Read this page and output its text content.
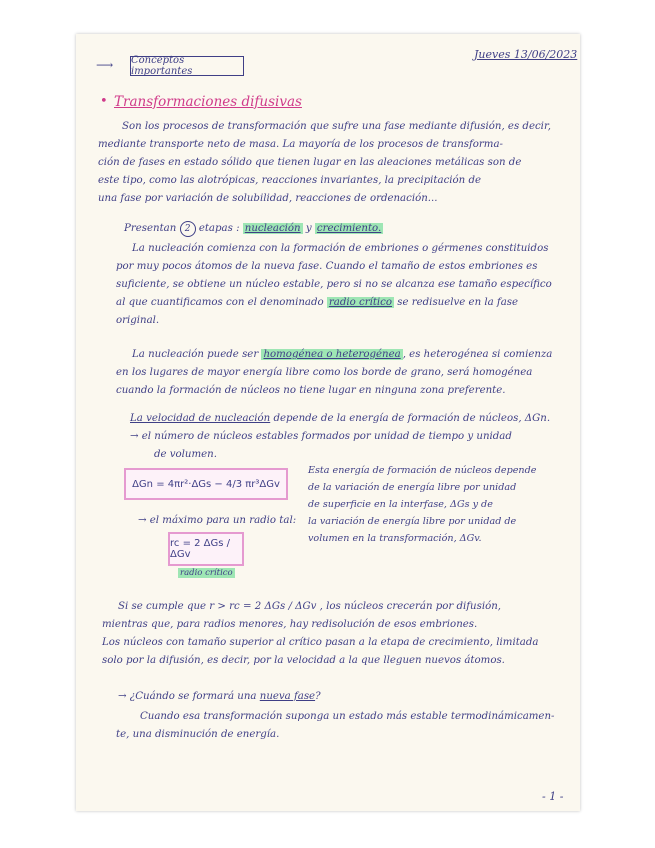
Jueves 13/06/2023
⟶ Conceptos importantes
• Transformaciones difusivas

Son los procesos de transformación que sufre una fase mediante difusión, es decir,

mediante transporte neto de masa. La mayoría de los procesos de transforma-

ción de fases en estado sólido que tienen lugar en las aleaciones metálicas son de

este tipo, como las alotrópicas, reacciones invariantes, la precipitación de

una fase por variación de solubilidad, reacciones de ordenación...

Presentan 2 etapas : nucleación y crecimiento.

La nucleación comienza con la formación de embriones o gérmenes constituidos

por muy pocos átomos de la nueva fase. Cuando el tamaño de estos embriones es

suficiente, se obtiene un núcleo estable, pero si no se alcanza ese tamaño específico

al que cuantificamos con el denominado radio crítico se redisuelve en la fase

original.

La nucleación puede ser homogénea o heterogénea , es heterogénea si comienza

en los lugares de mayor energía libre como los borde de grano, será homogénea

cuando la formación de núcleos no tiene lugar en ninguna zona preferente.

La velocidad de nucleación depende de la energía de formación de núcleos, ΔGn.

→ el número de núcleos estables formados por unidad de tiempo y unidad

de volumen.

ΔGn = 4πr²·ΔGs − 4/3 πr³ΔGv

Esta energía de formación de núcleos depende

de la variación de energía libre por unidad

de superficie en la interfase, ΔGs y de

la variación de energía libre por unidad de

volumen en la transformación, ΔGv.

→ el máximo para un radio tal:
rc = 2 ΔGs / ΔGv
radio crítico

Si se cumple que r > rc = 2 ΔGs / ΔGv , los núcleos crecerán por difusión,

mientras que, para radios menores, hay redisolución de esos embriones.

Los núcleos con tamaño superior al crítico pasan a la etapa de crecimiento, limitada

solo por la difusión, es decir, por la velocidad a la que lleguen nuevos átomos.

→ ¿Cuándo se formará una nueva fase?

Cuando esa transformación suponga un estado más estable termodinámicamen-

te, una disminución de energía.

- 1 -
